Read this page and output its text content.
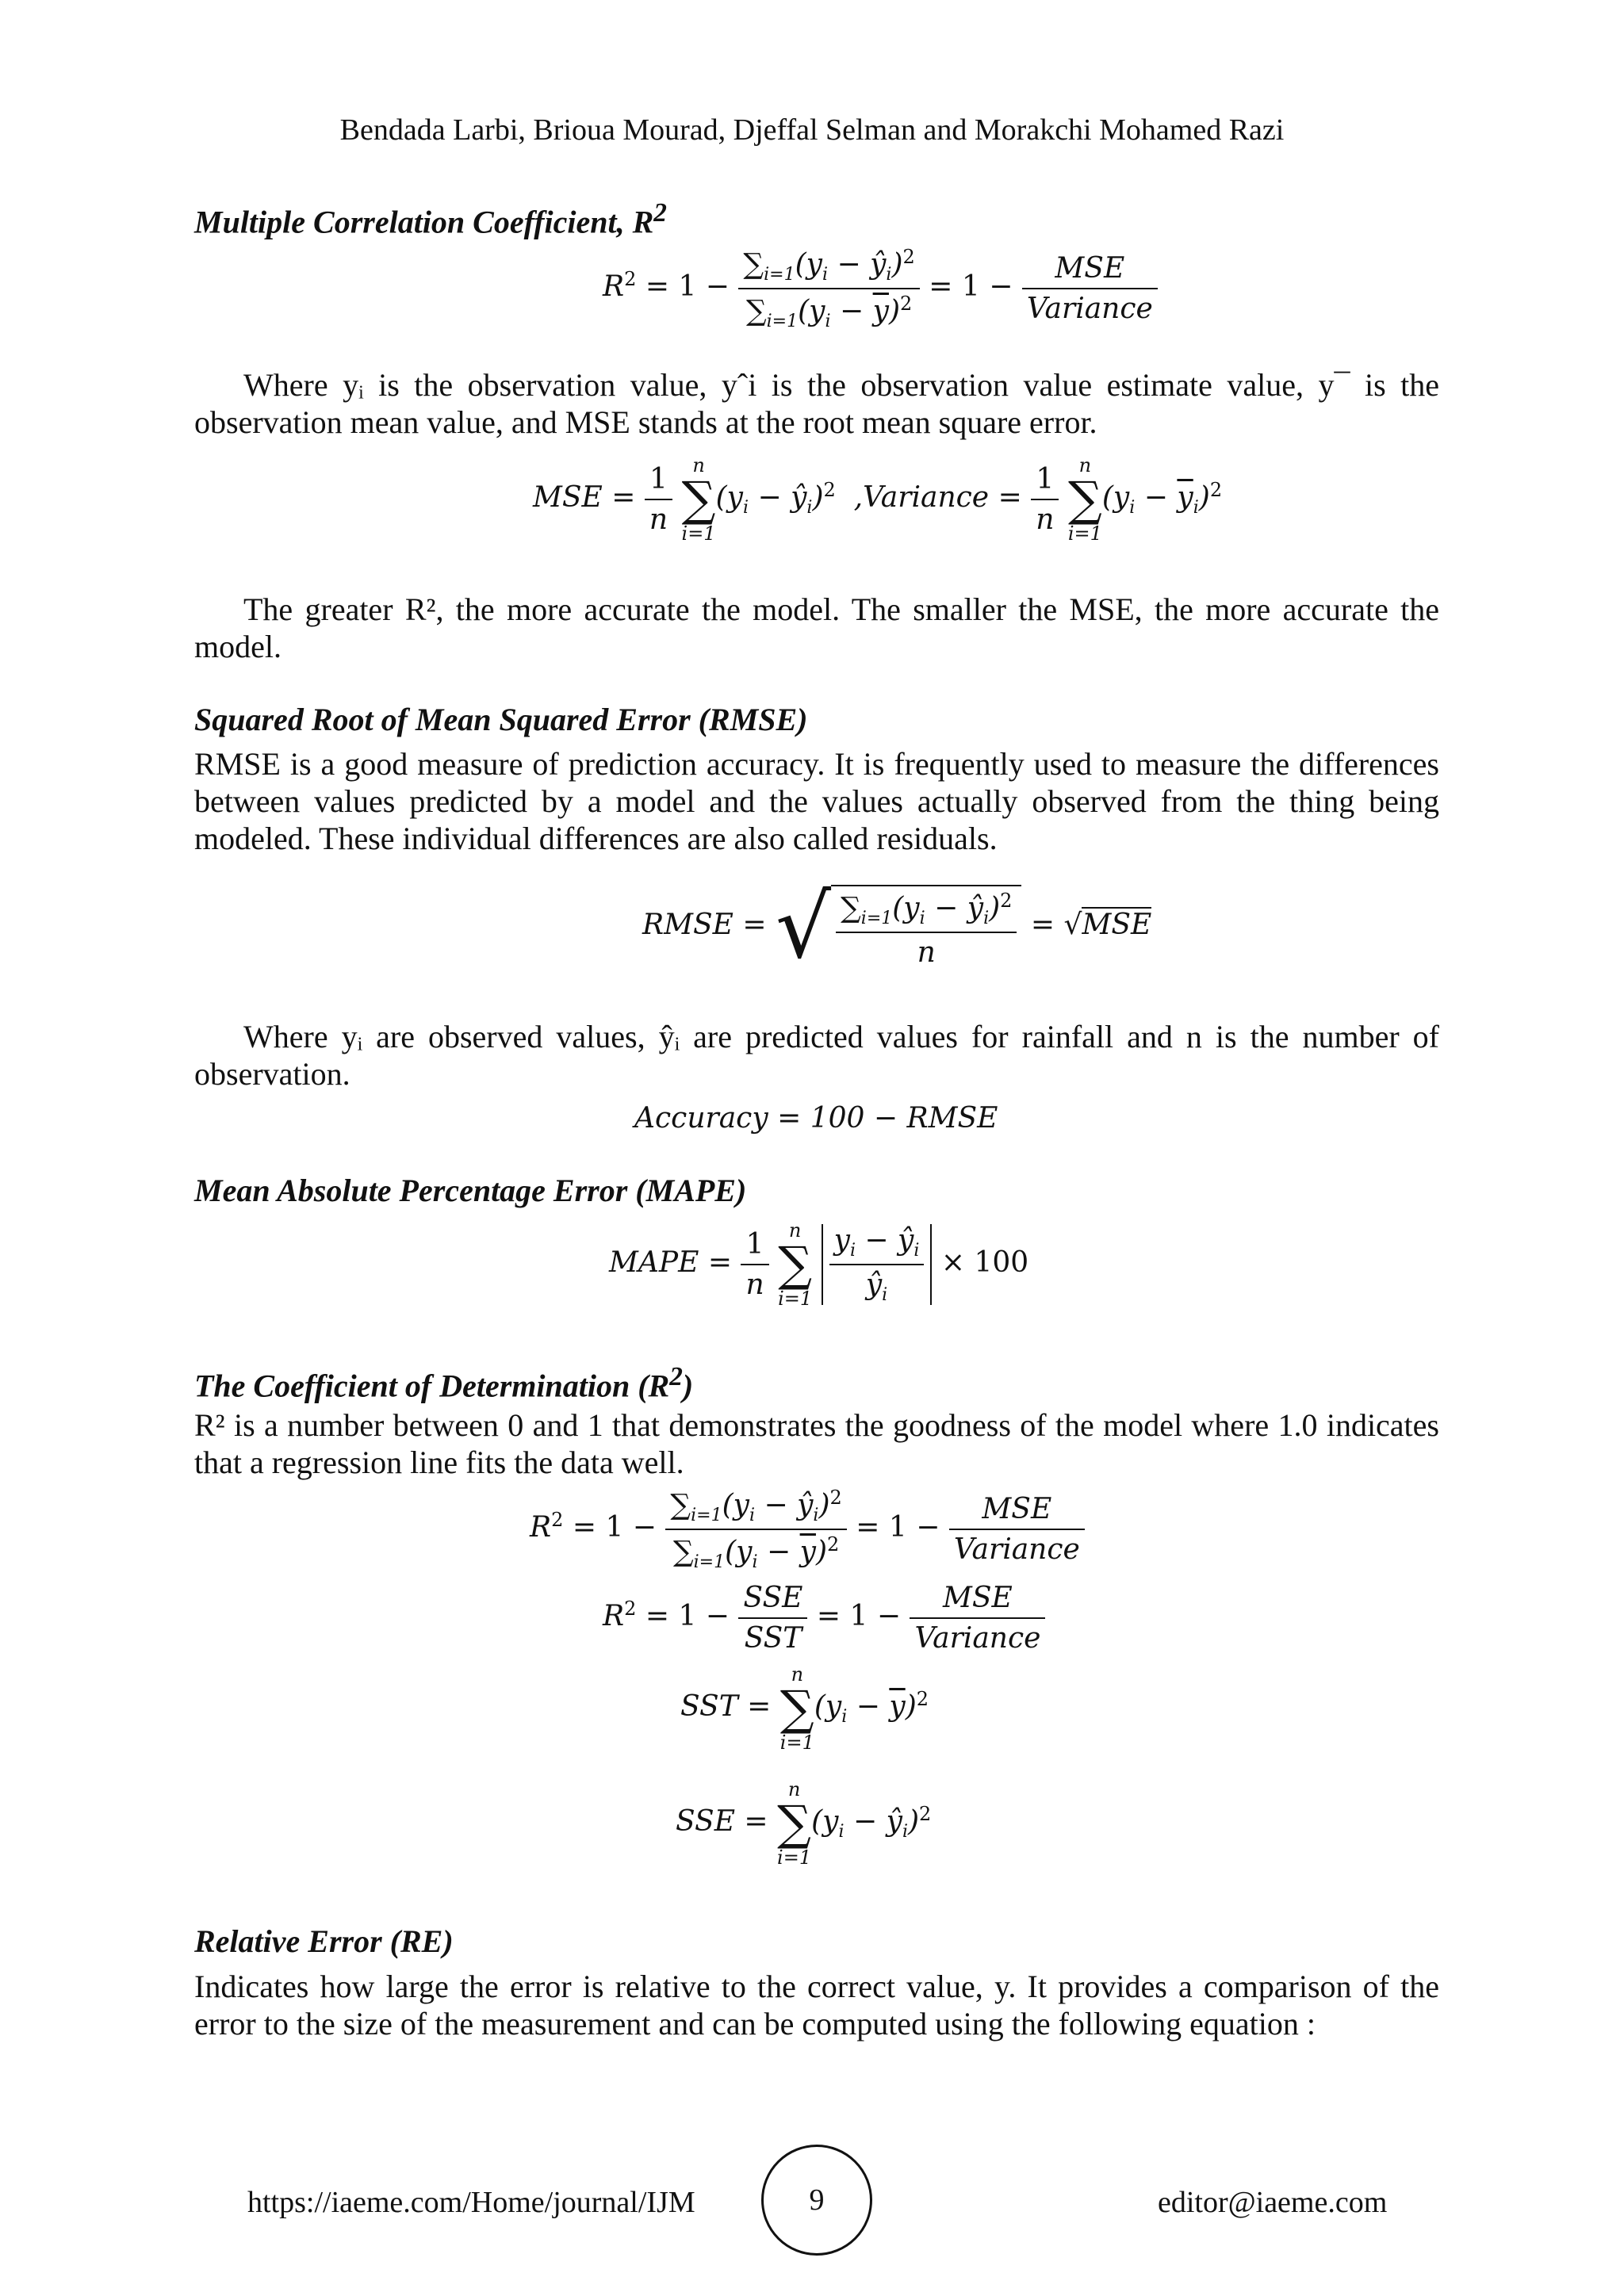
Bendada Larbi, Brioua Mourad, Djeffal Selman and Morakchi Mohamed Razi
Multiple Correlation Coefficient, $R^2$
$R^2 = 1 - \frac{\sum_{i=1}(y_i - ŷ_i)^2}{\sum_{i=1}(y_i - \overline{y})^2} = 1 - \frac{\text{MSE}}{\text{Variance}}$

Where yᵢ is the observation value, yˆi is the observation value estimate value, y¯ is the observation mean value, and MSE stands at the root mean square error.

MSE = $\frac{1}{n}$
	n
∑
i=1
($y_i$ − $ŷ_i)^2$  ,Variance = $\frac{1}{n}$
	n
∑
i=1
$(y_i - \overline{y}_i)^2$

The greater R², the more accurate the model. The smaller the MSE, the more accurate the model.

Squared Root of Mean Squared Error (RMSE)

RMSE is a good measure of prediction accuracy. It is frequently used to measure the differences between values predicted by a model and the values actually observed from the thing being modeled. These individual differences are also called residuals.

RMSE = √ $\frac{\sum_{i=1}(y_i - ŷ_i)^2}{n} = √MSE$

Where yᵢ are observed values, ŷᵢ are predicted values for rainfall and n is the number of observation.

Accuracy = 100 − RMSE
Mean Absolute Percentage Error (MAPE)
MAPE = $\frac{1}{n}$
	n
∑
i=1
$\frac{y_i - ŷ_i}{ŷ_i} \times 100$
The Coefficient of Determination $(R^2)$

R² is a number between 0 and 1 that demonstrates the goodness of the model where 1.0 indicates that a regression line fits the data well.

$R^2 = 1 - \frac{\sum_{i=1}(y_i - ŷ_i)^2}{\sum_{i=1}(y_i - \overline{y})^2} = 1 - \frac{\text{MSE}}{\text{Variance}}$
$R^2 = 1 - \frac{\text{SSE}}{\text{SST}} = 1 - \frac{\text{MSE}}{\text{Variance}}$
SST =
n
∑
i=1
$(y_i - \overline{y})^2$
SSE =
n
∑
i=1
($y_i$ − $ŷ_i)^2$
Relative Error (RE)

Indicates how large the error is relative to the correct value, y. It provides a comparison of the error to the size of the measurement and can be computed using the following equation :

https://iaeme.com/Home/journal/IJM	9	editor@iaeme.com
